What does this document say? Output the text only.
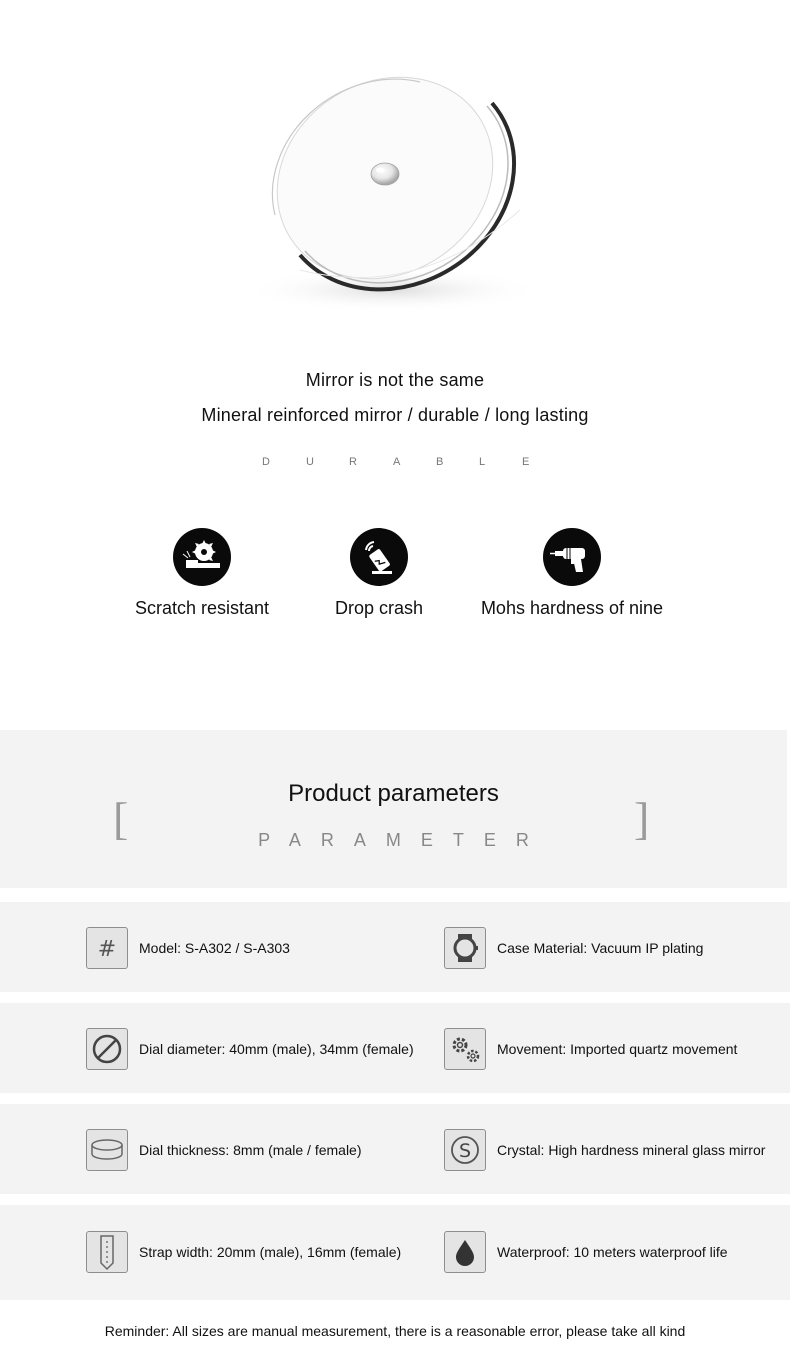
Mirror is not the same
Mineral reinforced mirror / durable / long lasting
D	U	R	A	B	L	E
Scratch resistant	Drop crash	Mohs hardness of nine
[	]
Product parameters
PARAMETER
# Model: S-A302 / S-A303	Case Material: Vacuum IP plating
Dial diameter: 40mm (male), 34mm (female)	Movement: Imported quartz movement
Dial thickness: 8mm (male / female)	S Crystal: High hardness mineral glass mirror
Strap width: 20mm (male), 16mm (female)	Waterproof: 10 meters waterproof life
Reminder: All sizes are manual measurement, there is a reasonable error, please take all kind
